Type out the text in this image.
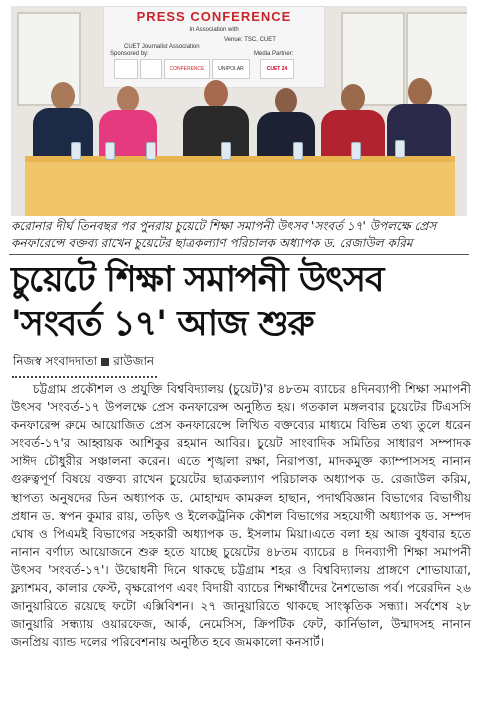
PRESS CONFERENCE
In Association with
Venue: TSC, CUET
CUET Journalist Association
Sponsored by:	Media Partner:
CONFERENCE	UNIPOLAR	CUET 24
করোনার দীর্ঘ তিনবছর পর পুনরায় চুয়েটে শিক্ষা সমাপনী উৎসব 'সংবর্ত ১৭' উপলক্ষে প্রেস কনফারেন্সে বক্তব্য রাখেন চুয়েটের ছাত্রকল্যাণ পরিচালক অধ্যাপক ড. রেজাউল করিম
চুয়েটে শিক্ষা সমাপনী উৎসব
'সংবর্ত ১৭' আজ শুরু
নিজস্ব সংবাদদাতা রাউজান

চট্টগ্রাম প্রকৌশল ও প্রযুক্তি বিশ্ববিদ্যালয় (চুয়েট)'র ৪৮তম ব্যাচের ৪দিনব্যাপী শিক্ষা সমাপনী উৎসব 'সংবর্ত-১৭ উপলক্ষে প্রেস কনফারেন্স অনুষ্ঠিত হয়। গতকাল মঙ্গলবার চুয়েটের টিএসসি কনফারেন্স রুমে আয়োজিত প্রেস কনফারেন্সে লিখিত বক্তব্যের মাধ্যমে বিভিন্ন তথ্য তুলে ধরেন সংবর্ত-১৭'র আহ্বায়ক আশিকুর রহমান আবির। চুয়েট সাংবাদিক সমিতির সাধারণ সম্পাদক সাঈদ চৌধুরীর সঞ্চালনা করেন। এতে শৃঙ্খলা রক্ষা, নিরাপত্তা, মাদকমুক্ত ক্যাম্পাসসহ নানান গুরুত্বপূর্ণ বিষয়ে বক্তব্য রাখেন চুয়েটের ছাত্রকল্যাণ পরিচালক অধ্যাপক ড. রেজাউল করিম, স্থাপত্য অনুষদের ডিন অধ্যাপক ড. মোহাম্মদ কামরুল হাছান, পদার্থবিজ্ঞান বিভাগের বিভাগীয় প্রধান ড. স্বপন কুমার রায়, তড়িৎ ও ইলেকট্রনিক কৌশল বিভাগের সহযোগী অধ্যাপক ড. সম্পদ ঘোষ ও পিএমই বিভাগের সহকারী অধ্যাপক ড. ইসলাম মিয়া।এতে বলা হয় আজ বুধবার হতে নানান বর্ণাঢ্য আয়োজনে শুরু হতে যাচ্ছে চুয়েটের ৪৮তম ব্যাচের ৪ দিনব্যাপী শিক্ষা সমাপনী উৎসব 'সংবর্ত-১৭'। উদ্বোধনী দিনে থাকছে চট্টগ্রাম শহর ও বিশ্ববিদ্যালয় প্রাঙ্গণে শোভাযাত্রা, ফ্ল্যাশমব, কালার ফেস্ট, বৃক্ষরোপণ এবং বিদায়ী ব্যাচের শিক্ষার্থীদের নৈশভোজ পর্ব। পরেরদিন ২৬ জানুয়ারিতে রয়েছে ফটো এক্সিবিশন। ২৭ জানুয়ারিতে থাকছে সাংস্কৃতিক সন্ধ্যা। সর্বশেষ ২৮ জানুয়ারি সন্ধ্যায় ওয়ারফেজ, আর্ক, নেমেসিস, ক্রিপটিক ফেট, কার্নিভাল, উন্মাদসহ নানান জনপ্রিয় ব্যান্ড দলের পরিবেশনায় অনুষ্ঠিত হবে জমকালো কনসার্ট।
